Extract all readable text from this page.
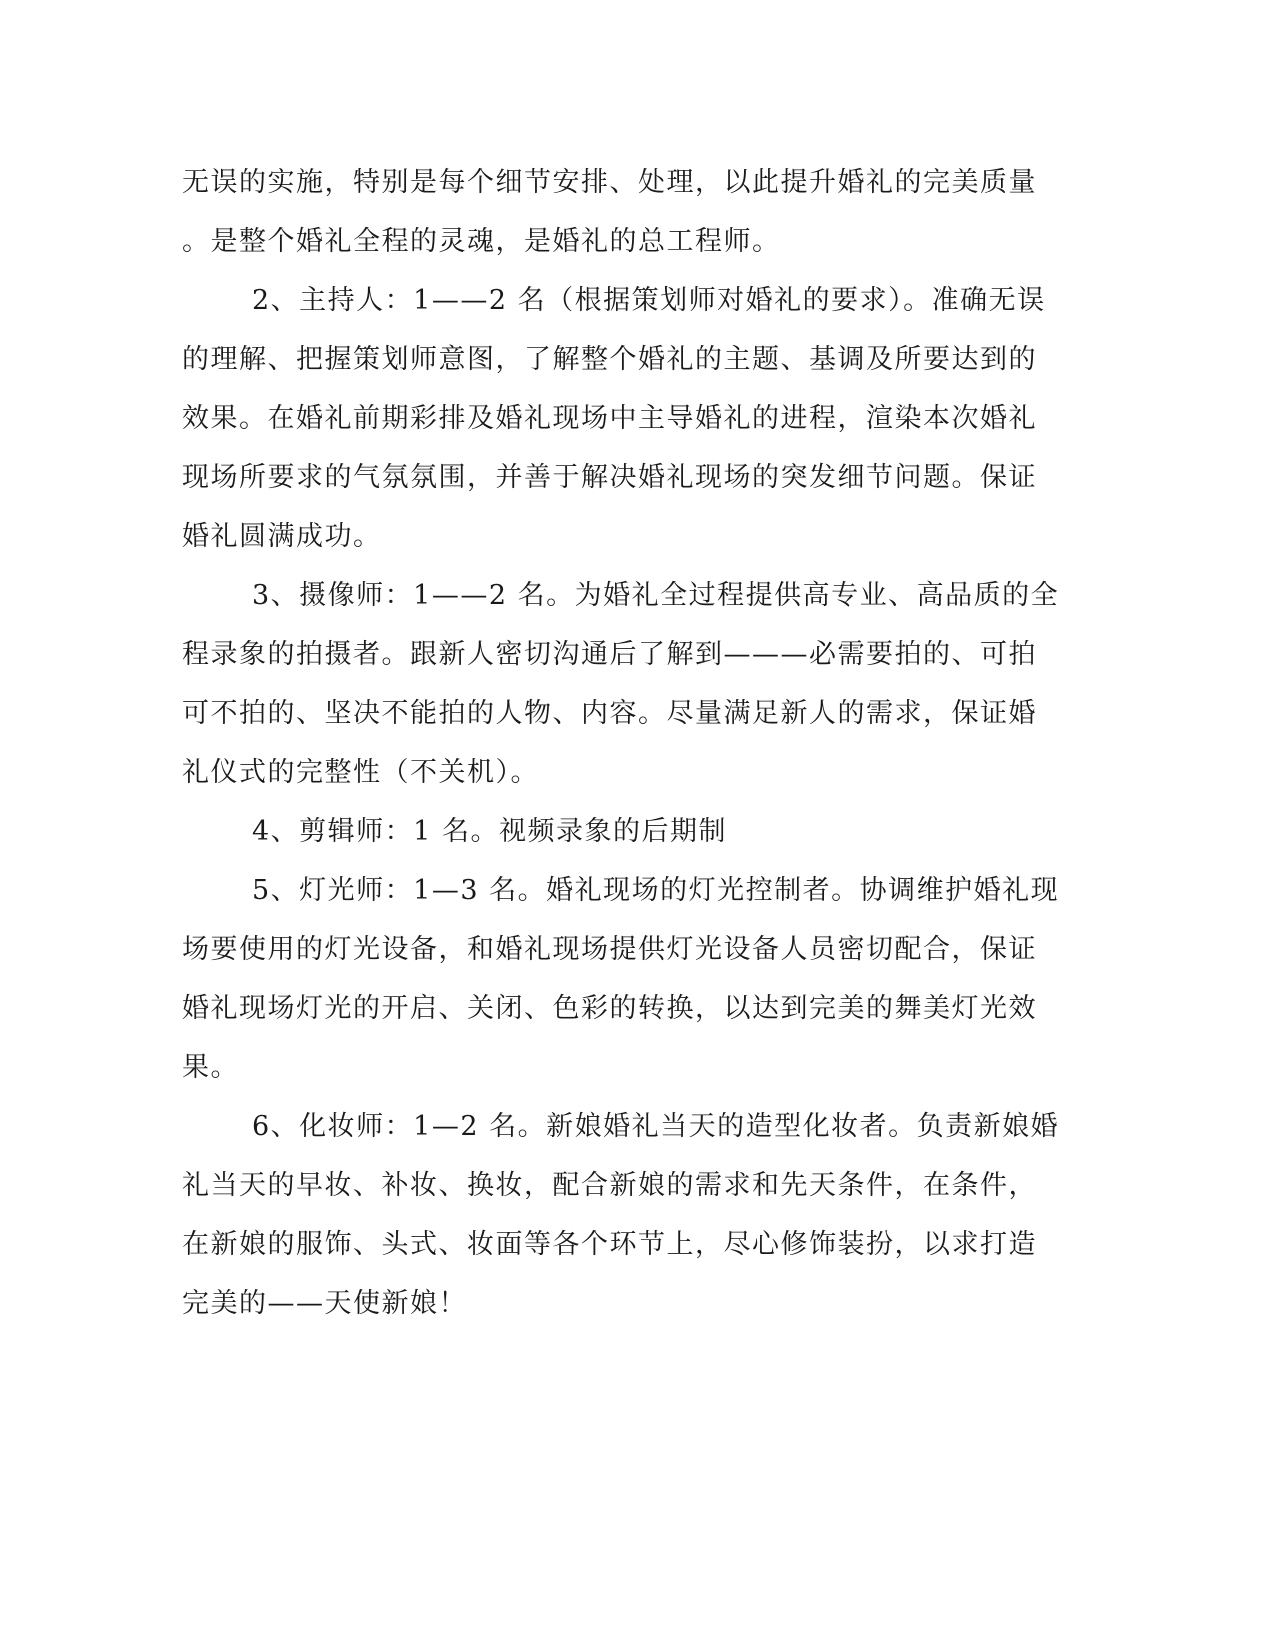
无误的实施，特别是每个细节安排、处理，以此提升婚礼的完美质量
。是整个婚礼全程的灵魂，是婚礼的总工程师。
2、主持人：1——2 名（根据策划师对婚礼的要求）。准确无误
的理解、把握策划师意图，了解整个婚礼的主题、基调及所要达到的
效果。在婚礼前期彩排及婚礼现场中主导婚礼的进程，渲染本次婚礼
现场所要求的气氛氛围，并善于解决婚礼现场的突发细节问题。保证
婚礼圆满成功。
3、摄像师：1——2 名。为婚礼全过程提供高专业、高品质的全
程录象的拍摄者。跟新人密切沟通后了解到———必需要拍的、可拍
可不拍的、坚决不能拍的人物、内容。尽量满足新人的需求，保证婚
礼仪式的完整性（不关机）。
4、剪辑师：1 名。视频录象的后期制
5、灯光师：1—3 名。婚礼现场的灯光控制者。协调维护婚礼现
场要使用的灯光设备，和婚礼现场提供灯光设备人员密切配合，保证
婚礼现场灯光的开启、关闭、色彩的转换，以达到完美的舞美灯光效
果。
6、化妆师：1—2 名。新娘婚礼当天的造型化妆者。负责新娘婚
礼当天的早妆、补妆、换妆，配合新娘的需求和先天条件，在条件，
在新娘的服饰、头式、妆面等各个环节上，尽心修饰装扮，以求打造
完美的——天使新娘！
